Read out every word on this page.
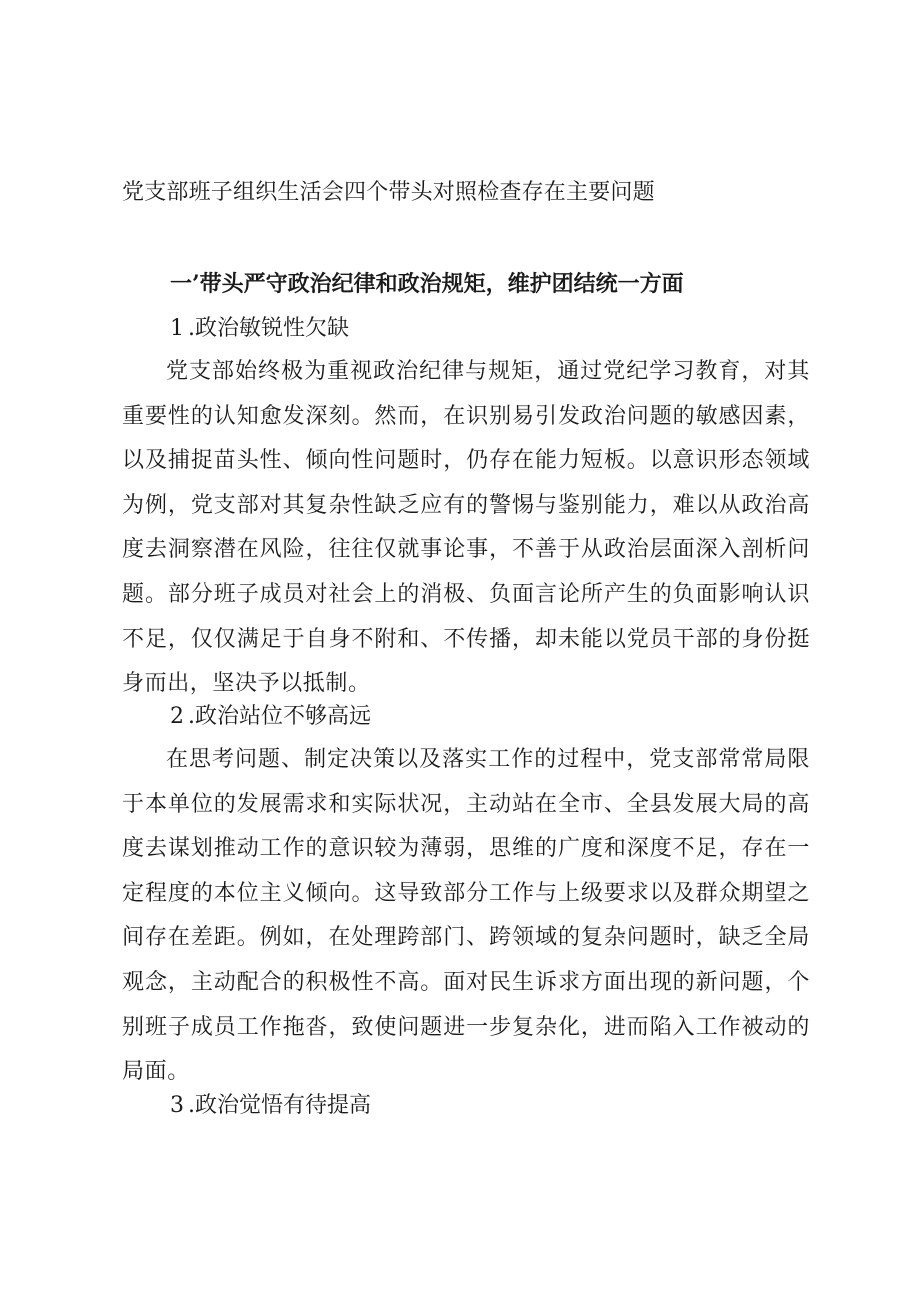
党支部班子组织生活会四个带头对照检查存在主要问题
一’带头严守政治纪律和政治规矩，维护团结统一方面
1 .政治敏锐性欠缺

党支部始终极为重视政治纪律与规矩，通过党纪学习教育，对其重要性的认知愈发深刻。然而，在识别易引发政治问题的敏感因素，以及捕捉苗头性、倾向性问题时，仍存在能力短板。以意识形态领域为例，党支部对其复杂性缺乏应有的警惕与鉴别能力，难以从政治高度去洞察潜在风险，往往仅就事论事，不善于从政治层面深入剖析问题。部分班子成员对社会上的消极、负面言论所产生的负面影响认识不足，仅仅满足于自身不附和、不传播，却未能以党员干部的身份挺身而出，坚决予以抵制。

2 .政治站位不够高远

在思考问题、制定决策以及落实工作的过程中，党支部常常局限于本单位的发展需求和实际状况，主动站在全市、全县发展大局的高度去谋划推动工作的意识较为薄弱，思维的广度和深度不足，存在一定程度的本位主义倾向。这导致部分工作与上级要求以及群众期望之间存在差距。例如，在处理跨部门、跨领域的复杂问题时，缺乏全局观念，主动配合的积极性不高。面对民生诉求方面出现的新问题，个别班子成员工作拖沓，致使问题进一步复杂化，进而陷入工作被动的局面。

3 .政治觉悟有待提高
